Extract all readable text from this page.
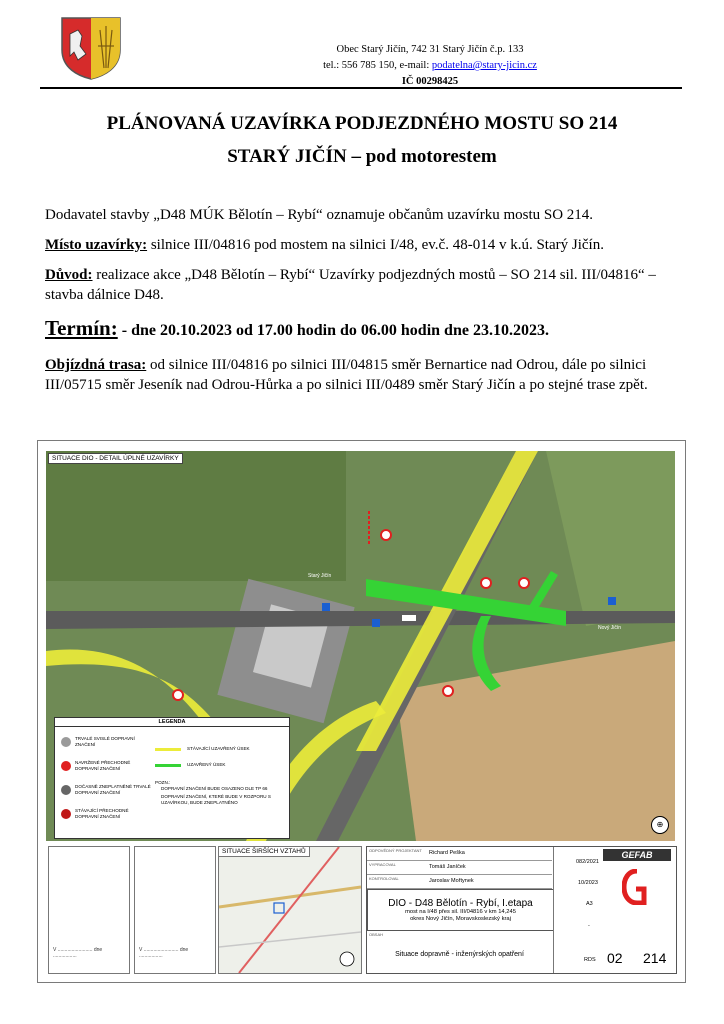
Obec Starý Jičín, 742 31 Starý Jičín č.p. 133
tel.: 556 785 150, e-mail: podatelna@stary-jicin.cz
IČ 00298425
PLÁNOVANÁ UZAVÍRKA PODJEZDNÉHO MOSTU SO 214
STARÝ JIČÍN – pod motorestem
Dodavatel stavby „D48 MÚK Bělotín – Rybí“ oznamuje občanům uzavírku mostu SO 214.
Místo uzavírky: silnice III/04816 pod mostem na silnici I/48, ev.č. 48-014 v k.ú. Starý Jičín.
Důvod: realizace akce „D48 Bělotín – Rybí“ Uzavírky podjezdných mostů – SO 214 sil. III/04816“ – stavba dálnice D48.
Termín: - dne 20.10.2023 od 17.00 hodin do 06.00 hodin dne 23.10.2023.
Objízdná trasa: od silnice III/04816 po silnici III/04815 směr Bernartice nad Odrou, dále po silnici III/05715 směr Jeseník nad Odrou-Hůrka a po silnici III/0489 směr Starý Jičín a po stejné trase zpět.
Starý Jičín
Nový Jičín
SITUACE DIO - DETAIL ÚPLNÉ UZAVÍRKY
LEGENDA
TRVALÉ SVISLÉ DOPRAVNÍ ZNAČENÍ
NAVRŽENÉ PŘECHODNÉ DOPRAVNÍ ZNAČENÍ
DOČASNĚ ZNEPLATNĚNÉ TRVALÉ DOPRAVNÍ ZNAČENÍ
STÁVAJÍCÍ PŘECHODNÉ DOPRAVNÍ ZNAČENÍ
STÁVAJÍCÍ UZAVŘENÝ ÚSEK
UZAVŘENÝ ÚSEK
POZN.:
DOPRAVNÍ ZNAČENÍ BUDE OSAZENO DLE TP 66
DOPRAVNÍ ZNAČENÍ, KTERÉ BUDE V ROZPORU S UZAVÍRKOU, BUDE ZNEPLATNĚNO
⊕
V ......................... dne .................
V ......................... dne .................
SITUACE ŠIRŠÍCH VZTAHŮ	ODPOVĚDNÝ PROJEKTANT Richard Peška
VYPRACOVAL	Tomáš Janíček
KONTROLOVAL	Jaroslav Mořtynek
DIO - D48 Bělotín - Rybí, I.etapa
most na I/48 přes sil. III/04816 v km 14,245
okres Nový Jičín, Moravskoslezský kraj
OBSAH
Situace dopravně - inženýrských opatření
082/2021
10/2023
A3
-
RDS
GEFAB
02 214
